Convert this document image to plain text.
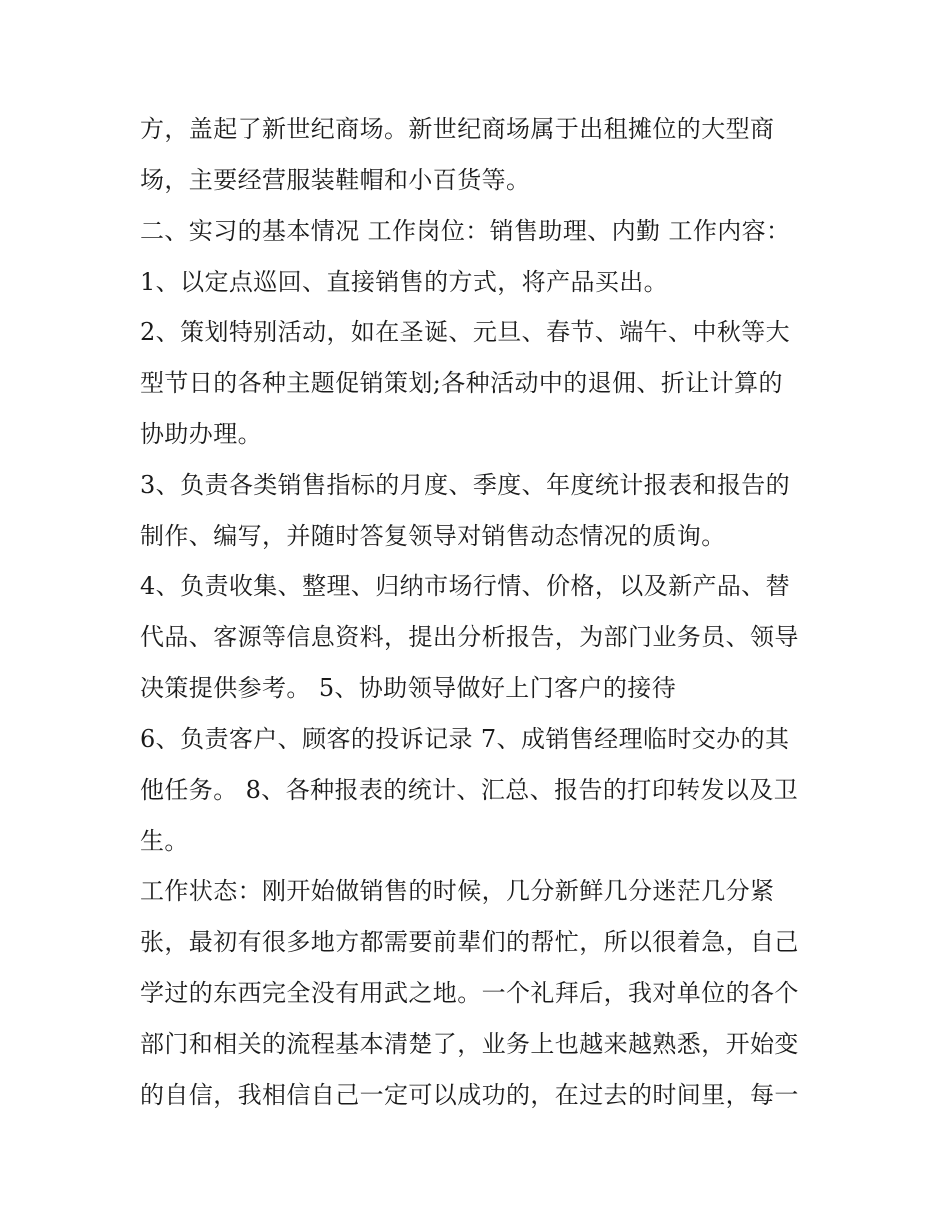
方，盖起了新世纪商场。新世纪商场属于出租摊位的大型商
场，主要经营服装鞋帽和小百货等。
二、实习的基本情况 工作岗位：销售助理、内勤 工作内容：
1、以定点巡回、直接销售的方式，将产品买出。
2、策划特别活动，如在圣诞、元旦、春节、端午、中秋等大
型节日的各种主题促销策划;各种活动中的退佣、折让计算的
协助办理。
3、负责各类销售指标的月度、季度、年度统计报表和报告的
制作、编写，并随时答复领导对销售动态情况的质询。
4、负责收集、整理、归纳市场行情、价格，以及新产品、替
代品、客源等信息资料，提出分析报告，为部门业务员、领导
决策提供参考。 5、协助领导做好上门客户的接待
6、负责客户、顾客的投诉记录 7、成销售经理临时交办的其
他任务。 8、各种报表的统计、汇总、报告的打印转发以及卫
生。
工作状态：刚开始做销售的时候，几分新鲜几分迷茫几分紧
张，最初有很多地方都需要前辈们的帮忙，所以很着急，自己
学过的东西完全没有用武之地。一个礼拜后，我对单位的各个
部门和相关的流程基本清楚了，业务上也越来越熟悉，开始变
的自信，我相信自己一定可以成功的，在过去的时间里，每一
